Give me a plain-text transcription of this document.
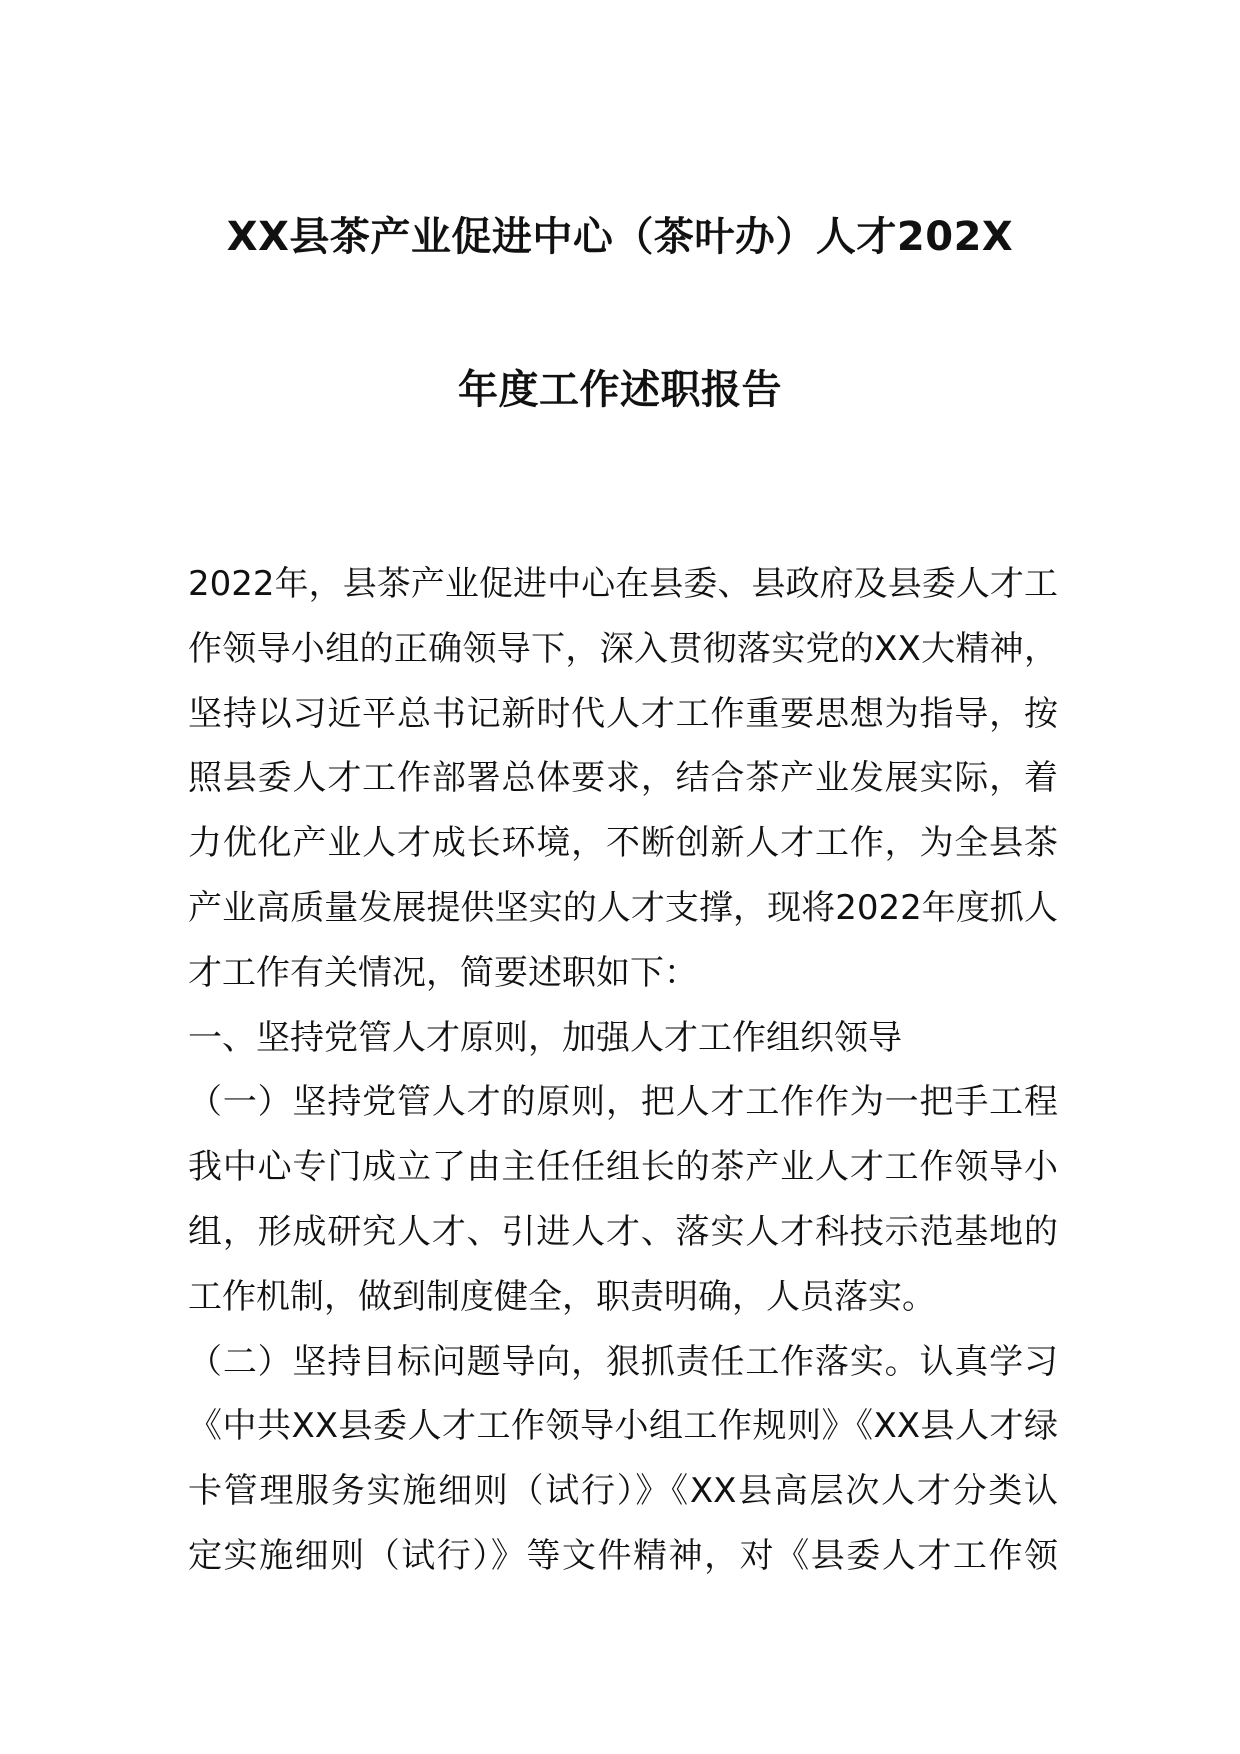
XX县茶产业促进中心（茶叶办）人才202X
年度工作述职报告
2022年，县茶产业促进中心在县委、县政府及县委人才工
作领导小组的正确领导下，深入贯彻落实党的XX大精神，
坚持以习近平总书记新时代人才工作重要思想为指导，按
照县委人才工作部署总体要求，结合茶产业发展实际，着
力优化产业人才成长环境，不断创新人才工作，为全县茶
产业高质量发展提供坚实的人才支撑，现将2022年度抓人
才工作有关情况，简要述职如下：
一、坚持党管人才原则，加强人才工作组织领导
（一）坚持党管人才的原则，把人才工作作为一把手工程
我中心专门成立了由主任任组长的茶产业人才工作领导小
组，形成研究人才、引进人才、落实人才科技示范基地的
工作机制，做到制度健全，职责明确，人员落实。
（二）坚持目标问题导向，狠抓责任工作落实。认真学习
《中共XX县委人才工作领导小组工作规则》《XX县人才绿
卡管理服务实施细则（试行）》《XX县高层次人才分类认
定实施细则（试行）》等文件精神，对《县委人才工作领
